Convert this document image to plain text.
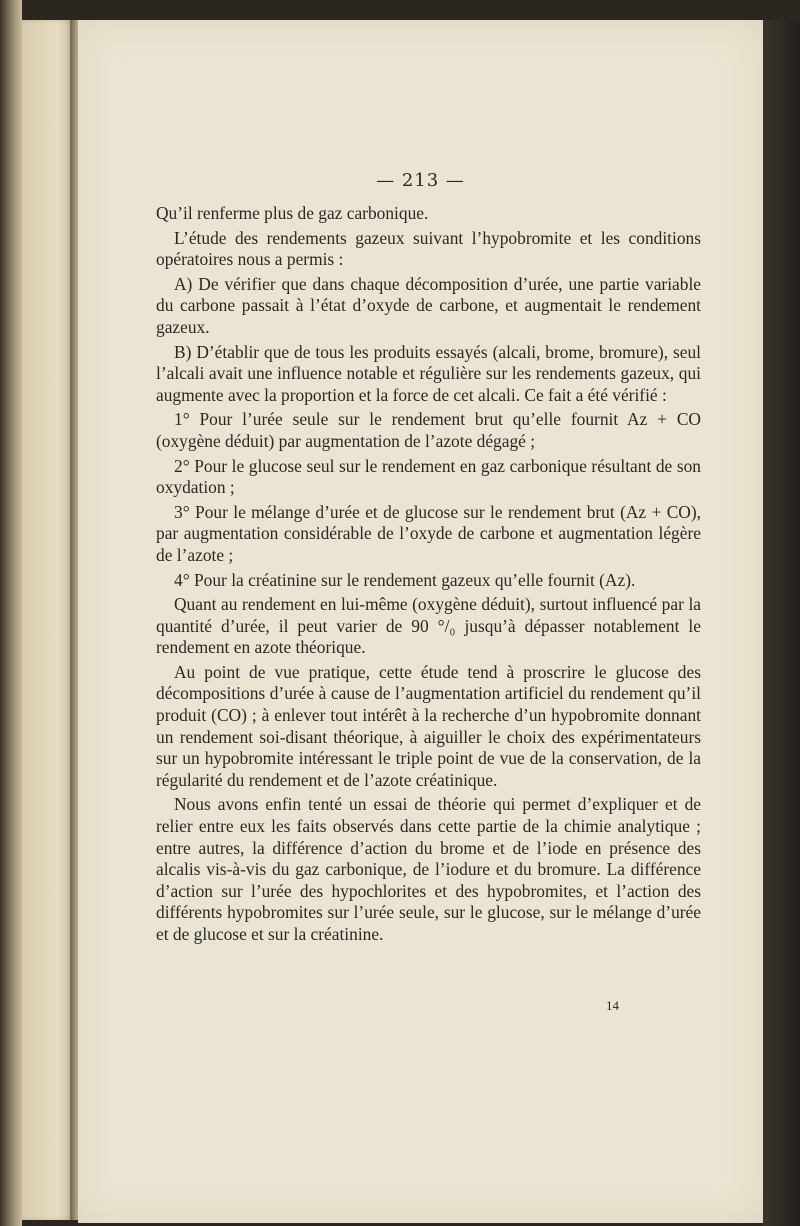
— 213 —

Qu’il renferme plus de gaz carbonique.

L’étude des rendements gazeux suivant l’hypobromite et les conditions opératoires nous a permis :

A) De vérifier que dans chaque décomposition d’urée, une partie variable du carbone passait à l’état d’oxyde de carbone, et augmentait le rendement gazeux.

B) D’établir que de tous les produits essayés (alcali, brome, bromure), seul l’alcali avait une influence notable et régulière sur les rendements gazeux, qui augmente avec la proportion et la force de cet alcali. Ce fait a été vérifié :

1° Pour l’urée seule sur le rendement brut qu’elle fournit Az + CO (oxygène déduit) par augmentation de l’azote dégagé ;

2° Pour le glucose seul sur le rendement en gaz carbonique résultant de son oxydation ;

3° Pour le mélange d’urée et de glucose sur le rendement brut (Az + CO), par augmentation considérable de l’oxyde de carbone et augmentation légère de l’azote ;

4° Pour la créatinine sur le rendement gazeux qu’elle fournit (Az).

Quant au rendement en lui-même (oxygène déduit), surtout influencé par la quantité d’urée, il peut varier de 90 °/₀ jusqu’à dépasser notablement le rendement en azote théorique.

Au point de vue pratique, cette étude tend à proscrire le glucose des décompositions d’urée à cause de l’augmentation artificiel du rendement qu’il produit (CO) ; à enlever tout intérêt à la recherche d’un hypobromite donnant un rendement soi-disant théorique, à aiguiller le choix des expérimentateurs sur un hypobromite intéressant le triple point de vue de la conservation, de la régularité du rendement et de l’azote créatinique.

Nous avons enfin tenté un essai de théorie qui permet d’expliquer et de relier entre eux les faits observés dans cette partie de la chimie analytique ; entre autres, la différence d’action du brome et de l’iode en présence des alcalis vis-à-vis du gaz carbonique, de l’iodure et du bromure. La différence d’action sur l’urée des hypochlorites et des hypobromites, et l’action des différents hypobromites sur l’urée seule, sur le glucose, sur le mélange d’urée et de glucose et sur la créatinine.

14
